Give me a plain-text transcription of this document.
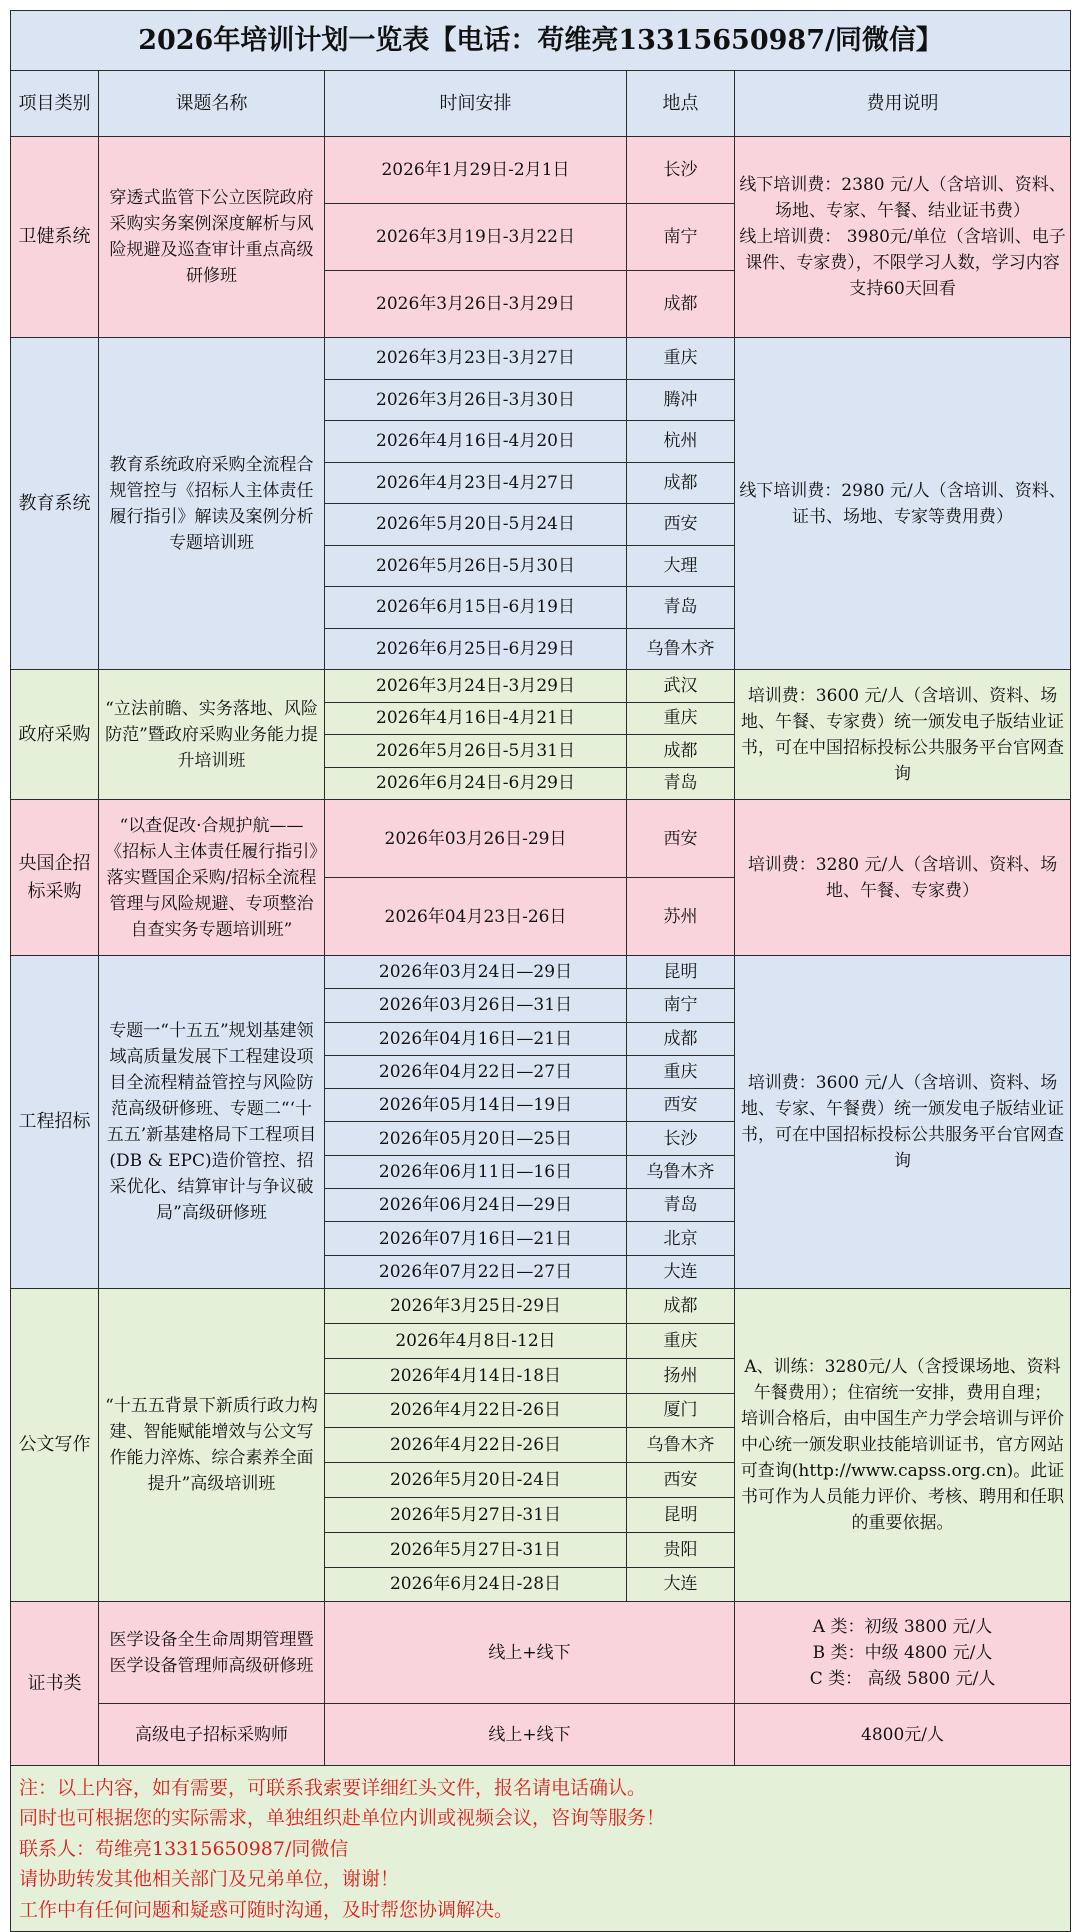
2026年培训计划一览表【电话：苟维亮13315650987/同微信】				
项目类别	课题名称	时间安排	地点	费用说明
卫健系统	穿透式监管下公立医院政府采购实务案例深度解析与风险规避及巡查审计重点高级研修班	2026年1月29日-2月1日	长沙	线下培训费：2380 元/人（含培训、资料、场地、专家、午餐、结业证书费）
线上培训费： 3980元/单位（含培训、电子课件、专家费），不限学习人数，学习内容支持60天回看

		2026年3月19日-3月22日	南宁	
		2026年3月26日-3月29日	成都	
教育系统	教育系统政府采购全流程合规管控与《招标人主体责任履行指引》解读及案例分析专题培训班	2026年3月23日-3月27日	重庆	线下培训费：2980 元/人（含培训、资料、证书、场地、专家等费用费）

		2026年3月26日-3月30日	腾冲	
		2026年4月16日-4月20日	杭州	
		2026年4月23日-4月27日	成都	
		2026年5月20日-5月24日	西安	
		2026年5月26日-5月30日	大理	
		2026年6月15日-6月19日	青岛	
		2026年6月25日-6月29日	乌鲁木齐	
政府采购	“立法前瞻、实务落地、风险防范”暨政府采购业务能力提升培训班	2026年3月24日-3月29日	武汉	培训费：3600 元/人（含培训、资料、场地、午餐、专家费）统一颁发电子版结业证书，可在中国招标投标公共服务平台官网查询

		2026年4月16日-4月21日	重庆	
		2026年5月26日-5月31日	成都	
		2026年6月24日-6月29日	青岛	
央国企招标采购	“以查促改·合规护航——《招标人主体责任履行指引》落实暨国企采购/招标全流程管理与风险规避、专项整治自查实务专题培训班”	2026年03月26日-29日	西安	培训费：3280 元/人（含培训、资料、场地、午餐、专家费）

		2026年04月23日-26日	苏州	
工程招标	专题一“十五五”规划基建领域高质量发展下工程建设项目全流程精益管控与风险防范高级研修班、专题二“‘十五五’新基建格局下工程项目(DB & EPC)造价管控、招采优化、结算审计与争议破局”高级研修班	2026年03月24日—29日	昆明	培训费：3600 元/人（含培训、资料、场地、专家、午餐费）统一颁发电子版结业证书，可在中国招标投标公共服务平台官网查询

		2026年03月26日—31日	南宁	
		2026年04月16日—21日	成都	
		2026年04月22日—27日	重庆	
		2026年05月14日—19日	西安	
		2026年05月20日—25日	长沙	
		2026年06月11日—16日	乌鲁木齐	
		2026年06月24日—29日	青岛	
		2026年07月16日—21日	北京	
		2026年07月22日—27日	大连	
公文写作	“十五五背景下新质行政力构建、智能赋能增效与公文写作能力淬炼、综合素养全面提升”高级培训班	2026年3月25日-29日	成都	A、训练：3280元/人（含授课场地、资料午餐费用）；住宿统一安排，费用自理；
培训合格后，由中国生产力学会培训与评价中心统一颁发职业技能培训证书，官方网站可查询(http://www.capss.org.cn)。此证书可作为人员能力评价、考核、聘用和任职的重要依据。

		2026年4月8日-12日	重庆	
		2026年4月14日-18日	扬州	
		2026年4月22日-26日	厦门	
		2026年4月22日-26日	乌鲁木齐	
		2026年5月20日-24日	西安	
		2026年5月27日-31日	昆明	
		2026年5月27日-31日	贵阳	
		2026年6月24日-28日	大连	
证书类	医学设备全生命周期管理暨医学设备管理师高级研修班	线上+线下		A 类：初级 3800 元/人
B 类：中级 4800 元/人
C 类： 高级 5800 元/人

	高级电子招标采购师	线上+线下		4800元/人

注：以上内容，如有需要，可联系我索要详细红头文件，报名请电话确认。
同时也可根据您的实际需求，单独组织赴单位内训或视频会议，咨询等服务！
联系人：苟维亮13315650987/同微信
请协助转发其他相关部门及兄弟单位，谢谢！
工作中有任何问题和疑惑可随时沟通，及时帮您协调解决。				
